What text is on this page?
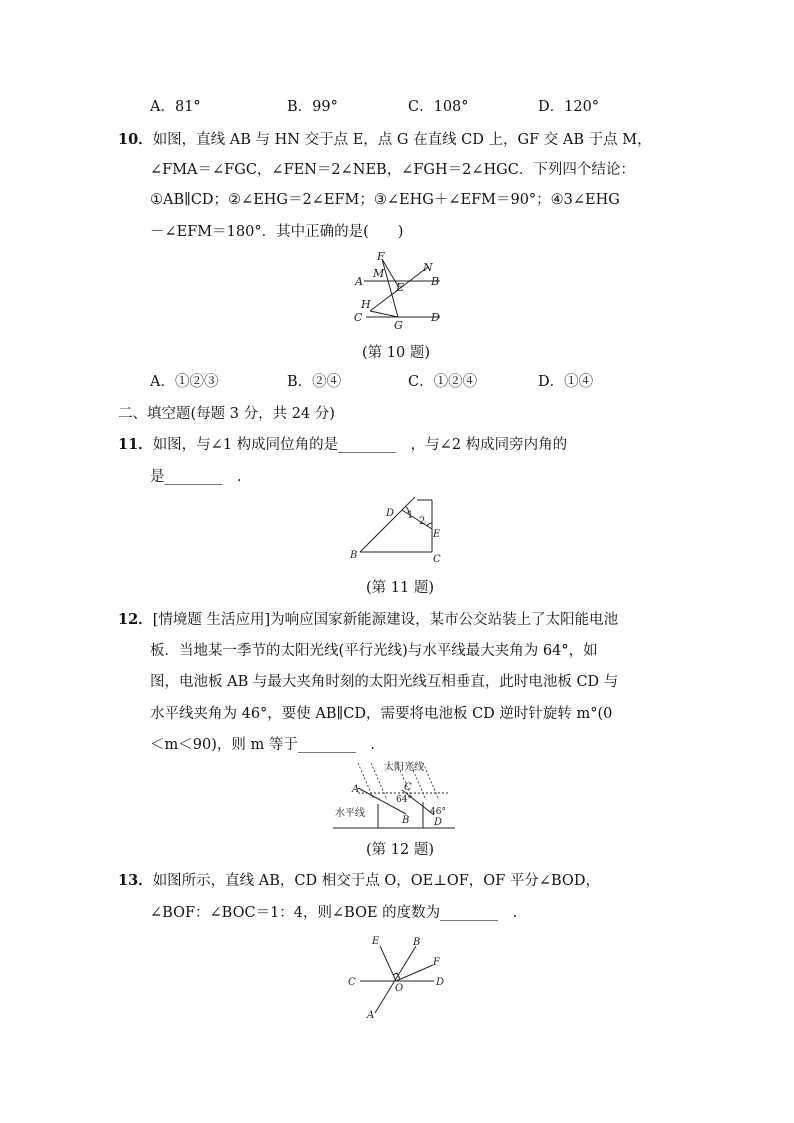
A．81°	B．99°	C．108°	D．120°
10．如图，直线 AB 与 HN 交于点 E，点 G 在直线 CD 上，GF 交 AB 于点 M，
∠FMA＝∠FGC，∠FEN＝2∠NEB，∠FGH＝2∠HGC．下列四个结论：
①AB∥CD；②∠EHG＝2∠EFM；③∠EHG＋∠EFM＝90°；④3∠EHG
－∠EFM＝180°．其中正确的是(　　)
F
M	N
A	E B
H
C
G
D
(第 10 题)
A．①②③	B．②④	C．①②④	D．①④
二、填空题(每题 3 分，共 24 分)
11．如图，与∠1 构成同位角的是________　，与∠2 构成同旁内角的
是________　.
D 1
2
E
B	C
(第 11 题)
12．[情境题 生活应用]为响应国家新能源建设，某市公交站装上了太阳能电池
板．当地某一季节的太阳光线(平行光线)与水平线最大夹角为 64°，如
图，电池板 AB 与最大夹角时刻的太阳光线互相垂直，此时电池板 CD 与
水平线夹角为 46°，要使 AB∥CD，需要将电池板 CD 逆时针旋转 m°(0
＜m＜90)，则 m 等于________　.
太阳光线
水平线
64°
46°
A
B
C
D
(第 12 题)
13．如图所示，直线 AB，CD 相交于点 O，OE⊥OF，OF 平分∠BOD，
∠BOF：∠BOC＝1：4，则∠BOE 的度数为________　.
E	B
F
C
O
D
A
